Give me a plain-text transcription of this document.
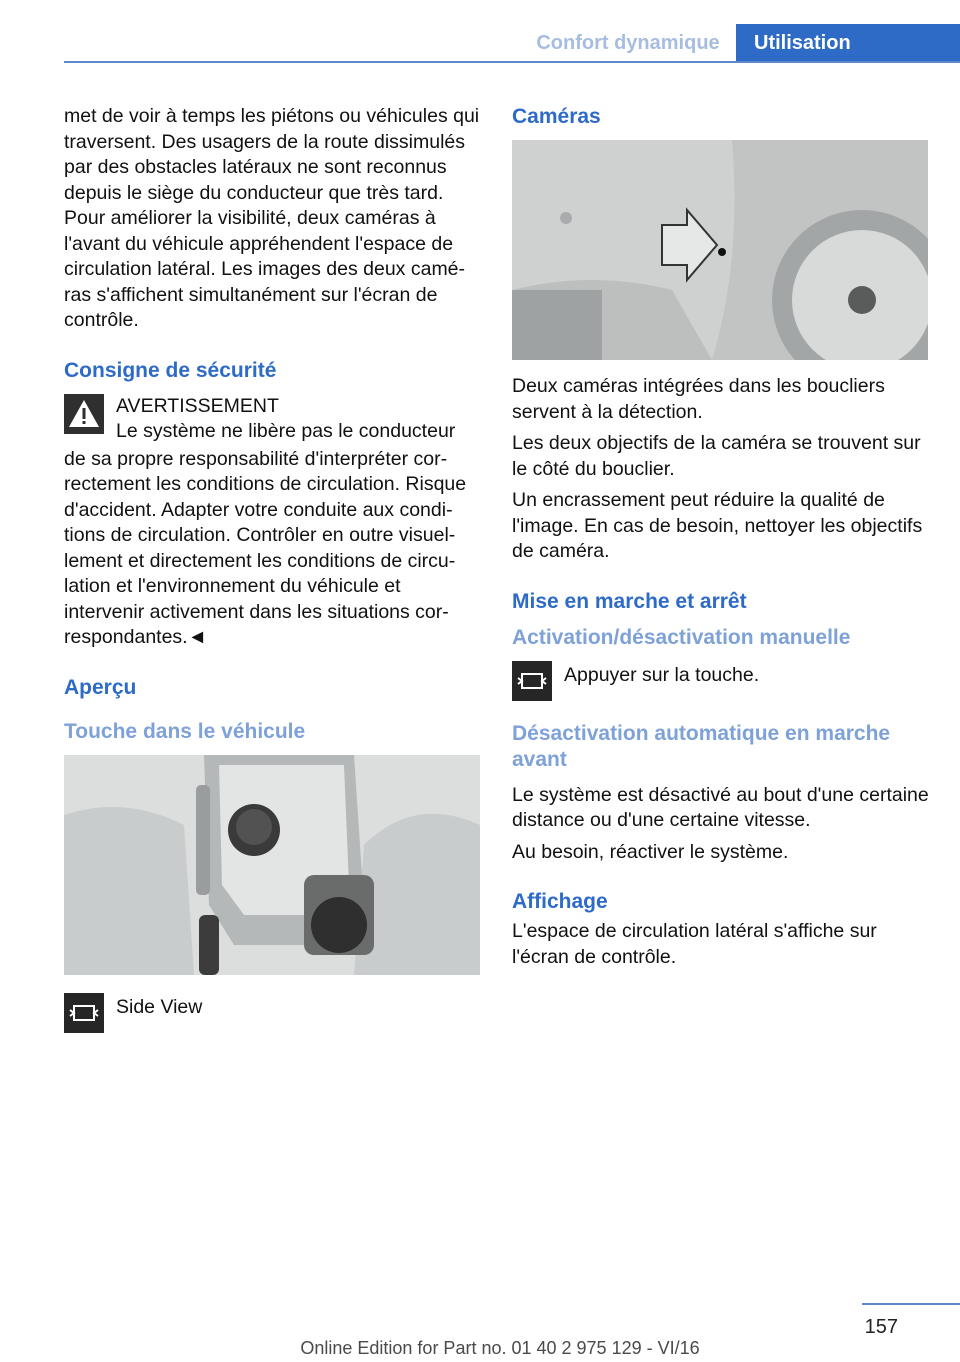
Confort dynamique	Utilisation

met de voir à temps les piétons ou véhicules qui traversent. Des usagers de la route dissimulés par des obstacles latéraux ne sont reconnus depuis le siège du conducteur que très tard. Pour améliorer la visibilité, deux caméras à l'avant du véhicule appréhendent l'espace de circulation latéral. Les images des deux caméras s'affichent simultanément sur l'écran de contrôle.

Consigne de sécurité

AVERTISSEMENT

Le système ne libère pas le conducteur

de sa propre responsabilité d'interpréter correctement les conditions de circulation. Risque d'accident. Adapter votre conduite aux conditions de circulation. Contrôler en outre visuellement et directement les conditions de circulation et l'environnement du véhicule et intervenir activement dans les situations correspondantes.◄

Aperçu
Touche dans le véhicule

Side View

Caméras

Deux caméras intégrées dans les boucliers servent à la détection.

Les deux objectifs de la caméra se trouvent sur le côté du bouclier.

Un encrassement peut réduire la qualité de l'image. En cas de besoin, nettoyer les objectifs de caméra.

Mise en marche et arrêt
Activation/désactivation manuelle

Appuyer sur la touche.

Désactivation automatique en marche avant

Le système est désactivé au bout d'une certaine distance ou d'une certaine vitesse.

Au besoin, réactiver le système.

Affichage

L'espace de circulation latéral s'affiche sur l'écran de contrôle.

157
Online Edition for Part no. 01 40 2 975 129 - VI/16
